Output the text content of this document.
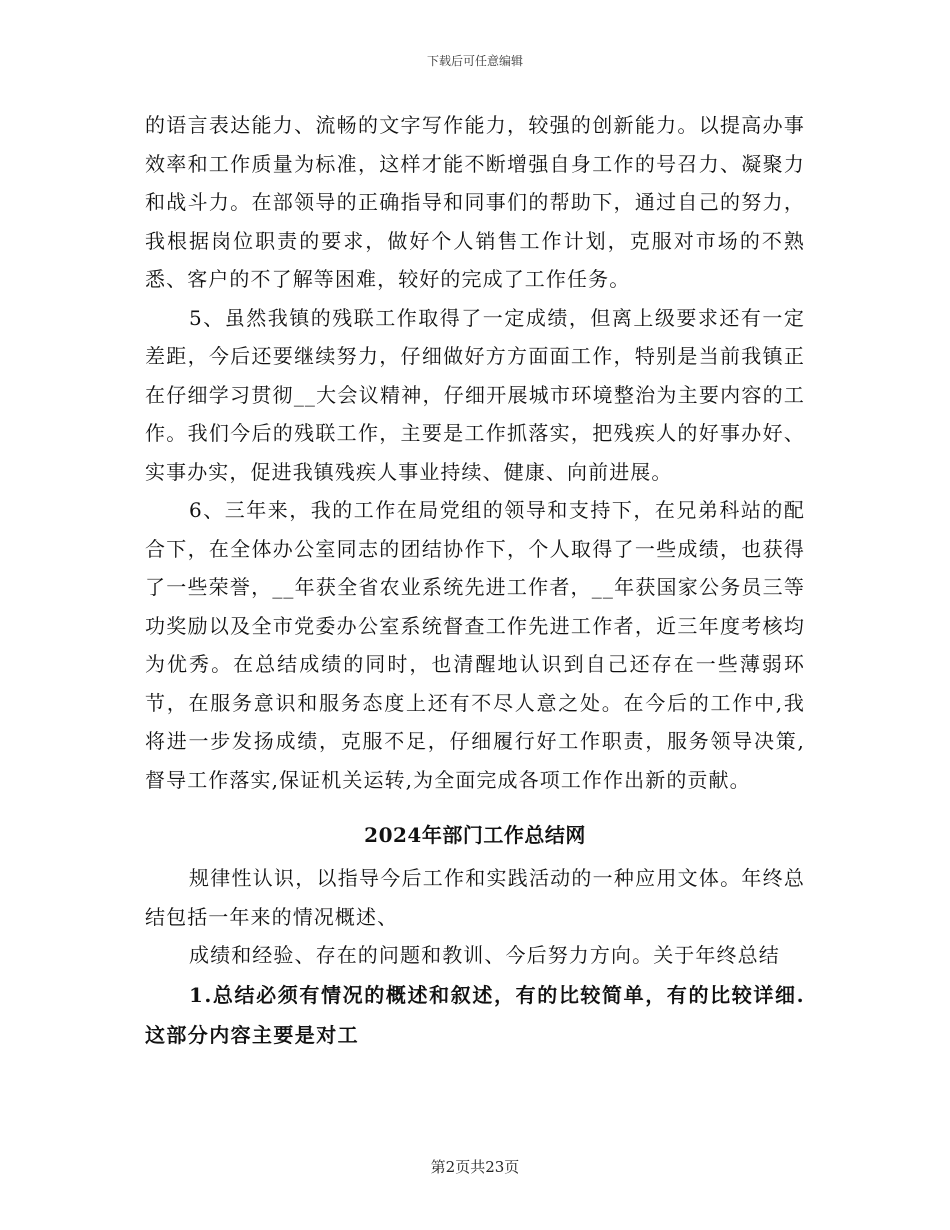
下载后可任意编辑

的语言表达能力、流畅的文字写作能力，较强的创新能力。以提高办事效率和工作质量为标准，这样才能不断增强自身工作的号召力、凝聚力和战斗力。在部领导的正确指导和同事们的帮助下，通过自己的努力，我根据岗位职责的要求，做好个人销售工作计划，克服对市场的不熟悉、客户的不了解等困难，较好的完成了工作任务。

5、虽然我镇的残联工作取得了一定成绩，但离上级要求还有一定差距，今后还要继续努力，仔细做好方方面面工作，特别是当前我镇正在仔细学习贯彻__大会议精神，仔细开展城市环境整治为主要内容的工作。我们今后的残联工作，主要是工作抓落实，把残疾人的好事办好、实事办实，促进我镇残疾人事业持续、健康、向前进展。

6、三年来，我的工作在局党组的领导和支持下，在兄弟科站的配合下，在全体办公室同志的团结协作下，个人取得了一些成绩，也获得了一些荣誉，__年获全省农业系统先进工作者，__年获国家公务员三等功奖励以及全市党委办公室系统督查工作先进工作者，近三年度考核均为优秀。在总结成绩的同时，也清醒地认识到自己还存在一些薄弱环节，在服务意识和服务态度上还有不尽人意之处。在今后的工作中,我将进一步发扬成绩，克服不足，仔细履行好工作职责，服务领导决策,督导工作落实,保证机关运转,为全面完成各项工作作出新的贡献。

2024年部门工作总结网

规律性认识，以指导今后工作和实践活动的一种应用文体。年终总结包括一年来的情况概述、

成绩和经验、存在的问题和教训、今后努力方向。关于年终总结

1.总结必须有情况的概述和叙述，有的比较简单，有的比较详细.这部分内容主要是对工

第2页共23页
